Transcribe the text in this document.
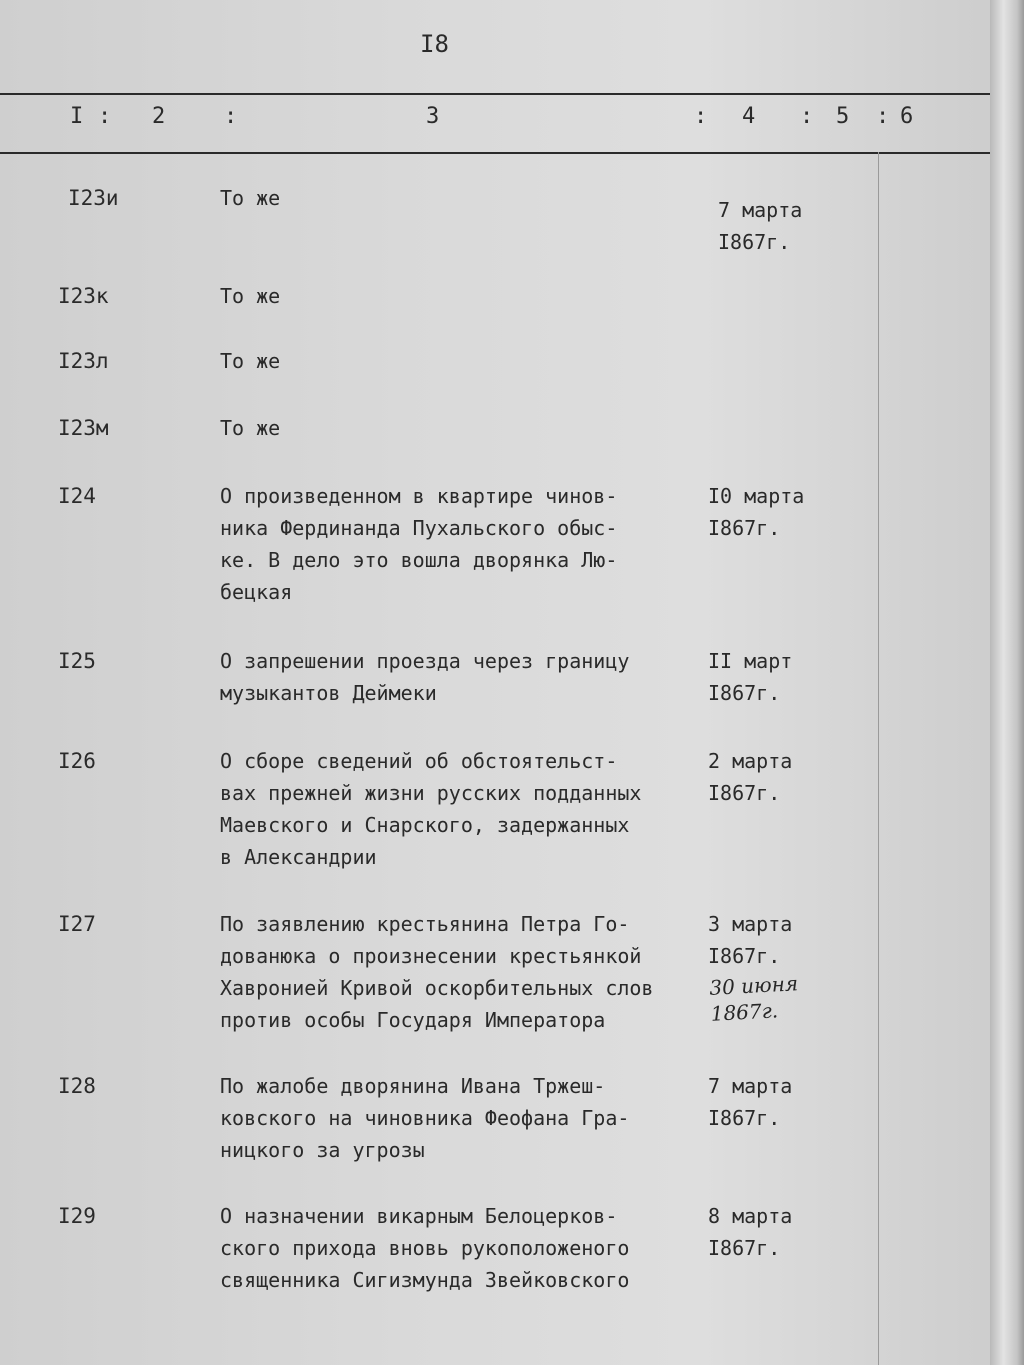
I8
I : 2	:	3	: 4 : 5 : 6
I23и	То же	7 марта
I867г.
I23к	То же
I23л	То же
I23м	То же
I24	О произведенном в квартире чинов-
ника Фердинанда Пухальского обыс-
ке. В дело это вошла дворянка Лю-
бецкая
I0 марта
I867г.
I25	О запрешении проезда через границу
музыкантов Деймеки
II март
I867г.
I26	О сборе сведений об обстоятельст-
вах прежней жизни русских подданных
Маевского и Снарского, задержанных
в Александрии
2 марта
I867г.
I27	По заявлению крестьянина Петра Го-
дованюка о произнесении крестьянкой
Хавронией Кривой оскорбительных слов
против особы Государя Императора
3 марта
I867г.
30 июня
1867г.
I28	По жалобе дворянина Ивана Тржеш-
ковского на чиновника Феофана Гра-
ницкого за угрозы
7 марта
I867г.
I29	О назначении викарным Белоцерков-
ского прихода вновь рукоположеного
священника Сигизмунда Звейковского
8 марта
I867г.
